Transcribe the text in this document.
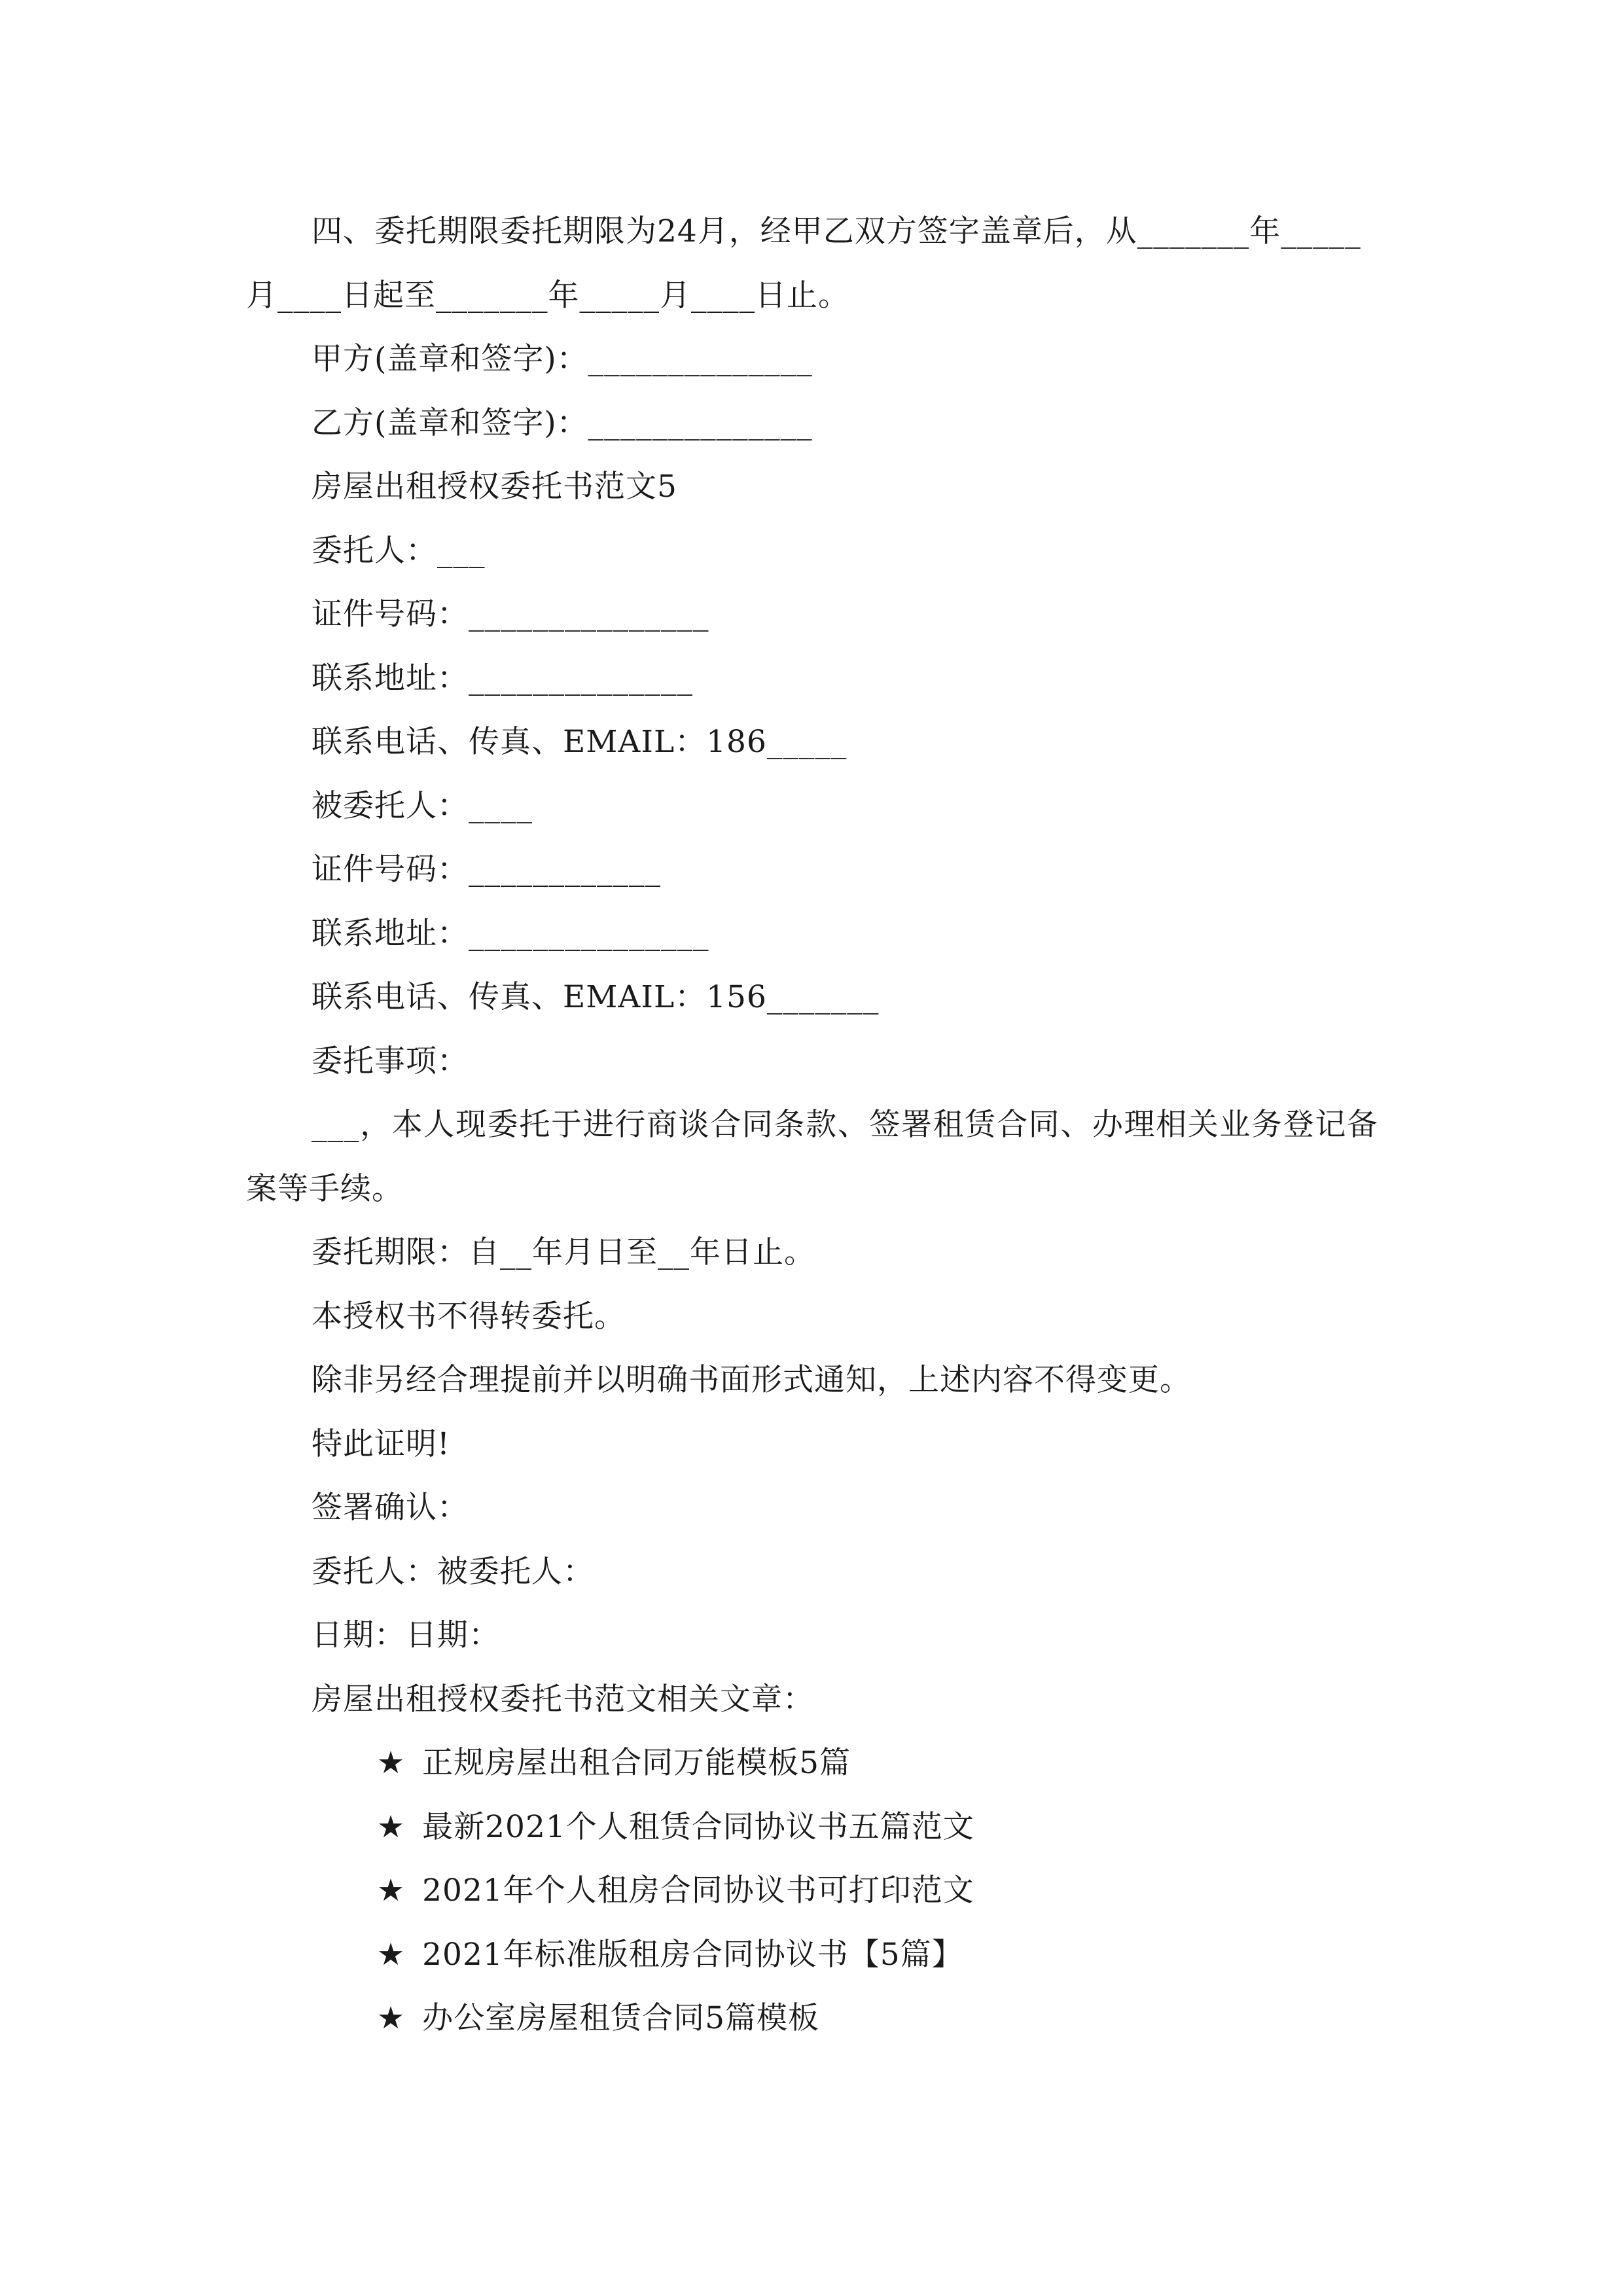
四、委托期限委托期限为24月，经甲乙双方签字盖章后，从_______年_____

月____日起至_______年_____月____日止。

甲方(盖章和签字)：______________

乙方(盖章和签字)：______________

房屋出租授权委托书范文5

委托人：___

证件号码：_______________

联系地址：______________

联系电话、传真、EMAIL：186_____

被委托人：____

证件号码：____________

联系地址：_______________

联系电话、传真、EMAIL：156_______

委托事项：

___，本人现委托于进行商谈合同条款、签署租赁合同、办理相关业务登记备案等手续。

委托期限：自__年月日至__年日止。

本授权书不得转委托。

除非另经合理提前并以明确书面形式通知，上述内容不得变更。

特此证明!

签署确认：

委托人：被委托人：

日期：日期：

房屋出租授权委托书范文相关文章：

★ 正规房屋出租合同万能模板5篇

★ 最新2021个人租赁合同协议书五篇范文

★ 2021年个人租房合同协议书可打印范文

★ 2021年标准版租房合同协议书【5篇】

★ 办公室房屋租赁合同5篇模板
